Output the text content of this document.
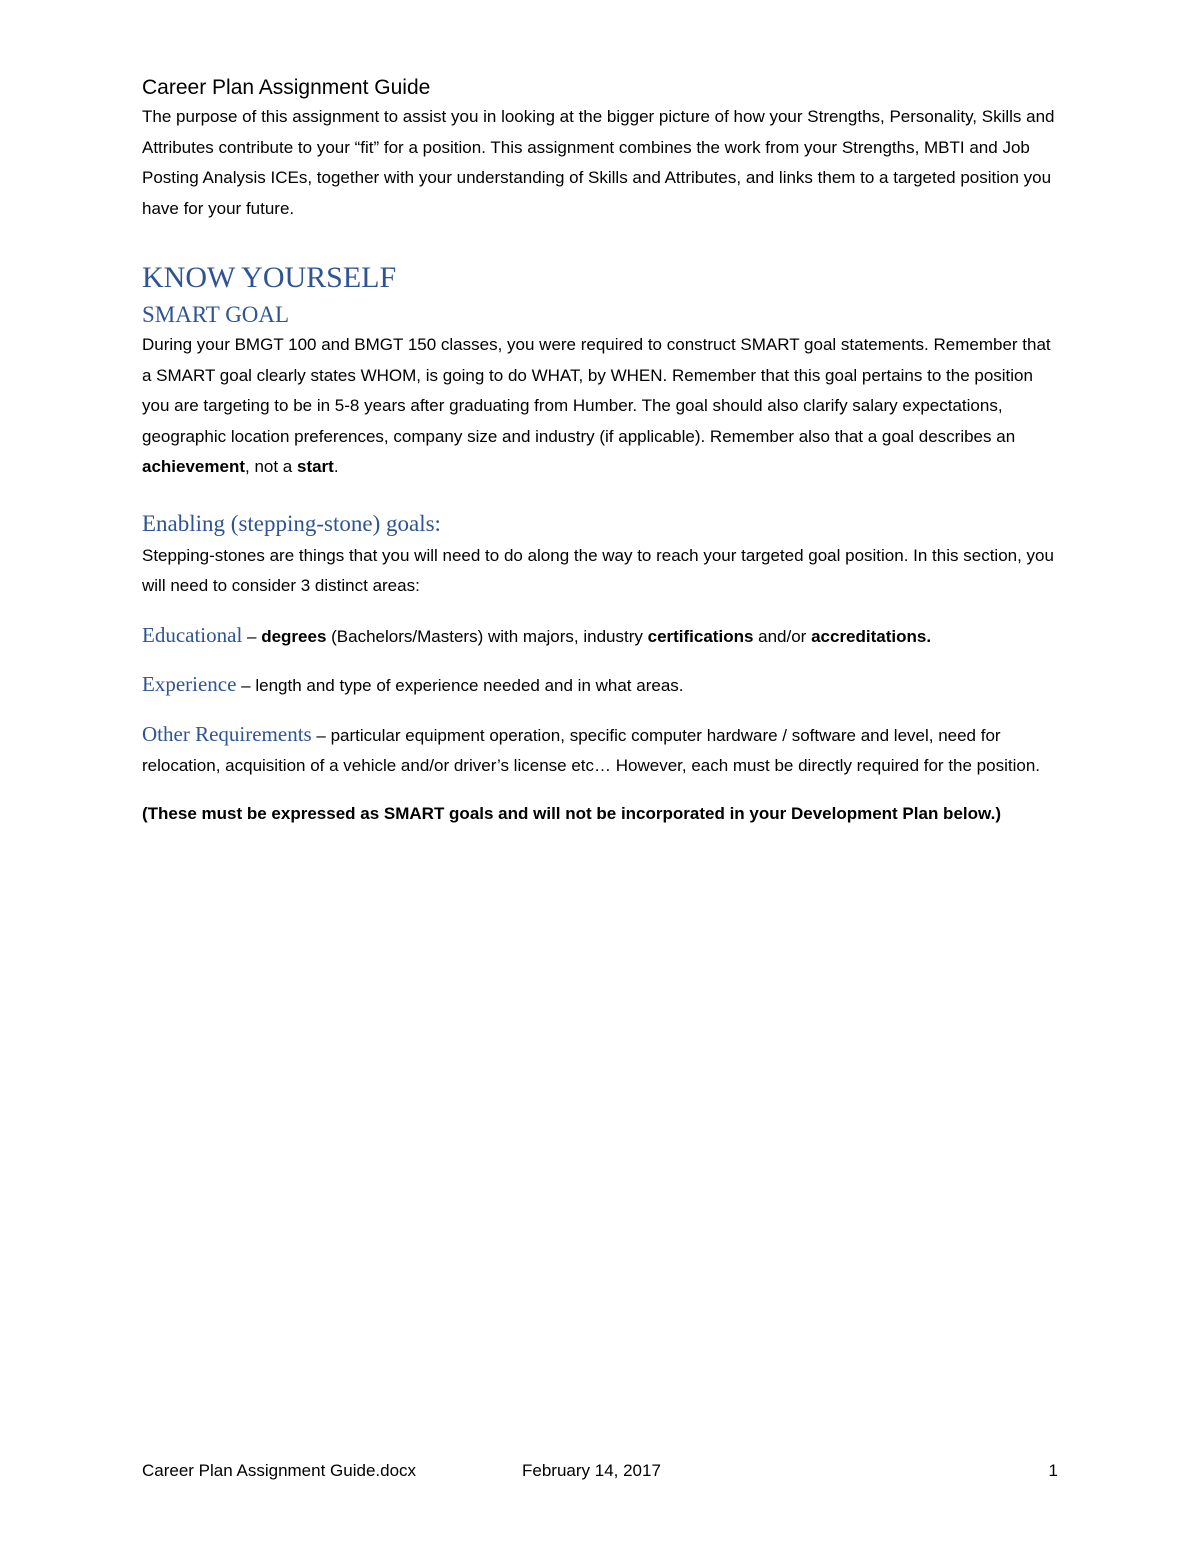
Career Plan Assignment Guide

The purpose of this assignment to assist you in looking at the bigger picture of how your Strengths, Personality, Skills and Attributes contribute to your “fit” for a position. This assignment combines the work from your Strengths, MBTI and Job Posting Analysis ICEs, together with your understanding of Skills and Attributes, and links them to a targeted position you have for your future.

KNOW YOURSELF
SMART GOAL

During your BMGT 100 and BMGT 150 classes, you were required to construct SMART goal statements. Remember that a SMART goal clearly states WHOM, is going to do WHAT, by WHEN. Remember that this goal pertains to the position you are targeting to be in 5-8 years after graduating from Humber. The goal should also clarify salary expectations, geographic location preferences, company size and industry (if applicable). Remember also that a goal describes an achievement, not a start.

Enabling (stepping-stone) goals:

Stepping-stones are things that you will need to do along the way to reach your targeted goal position. In this section, you will need to consider 3 distinct areas:

Educational – degrees (Bachelors/Masters) with majors, industry certifications and/or accreditations.

Experience – length and type of experience needed and in what areas.

Other Requirements – particular equipment operation, specific computer hardware / software and level, need for relocation, acquisition of a vehicle and/or driver’s license etc… However, each must be directly required for the position.

(These must be expressed as SMART goals and will not be incorporated in your Development Plan below.)

Career Plan Assignment Guide.docx	February 14, 2017	1
